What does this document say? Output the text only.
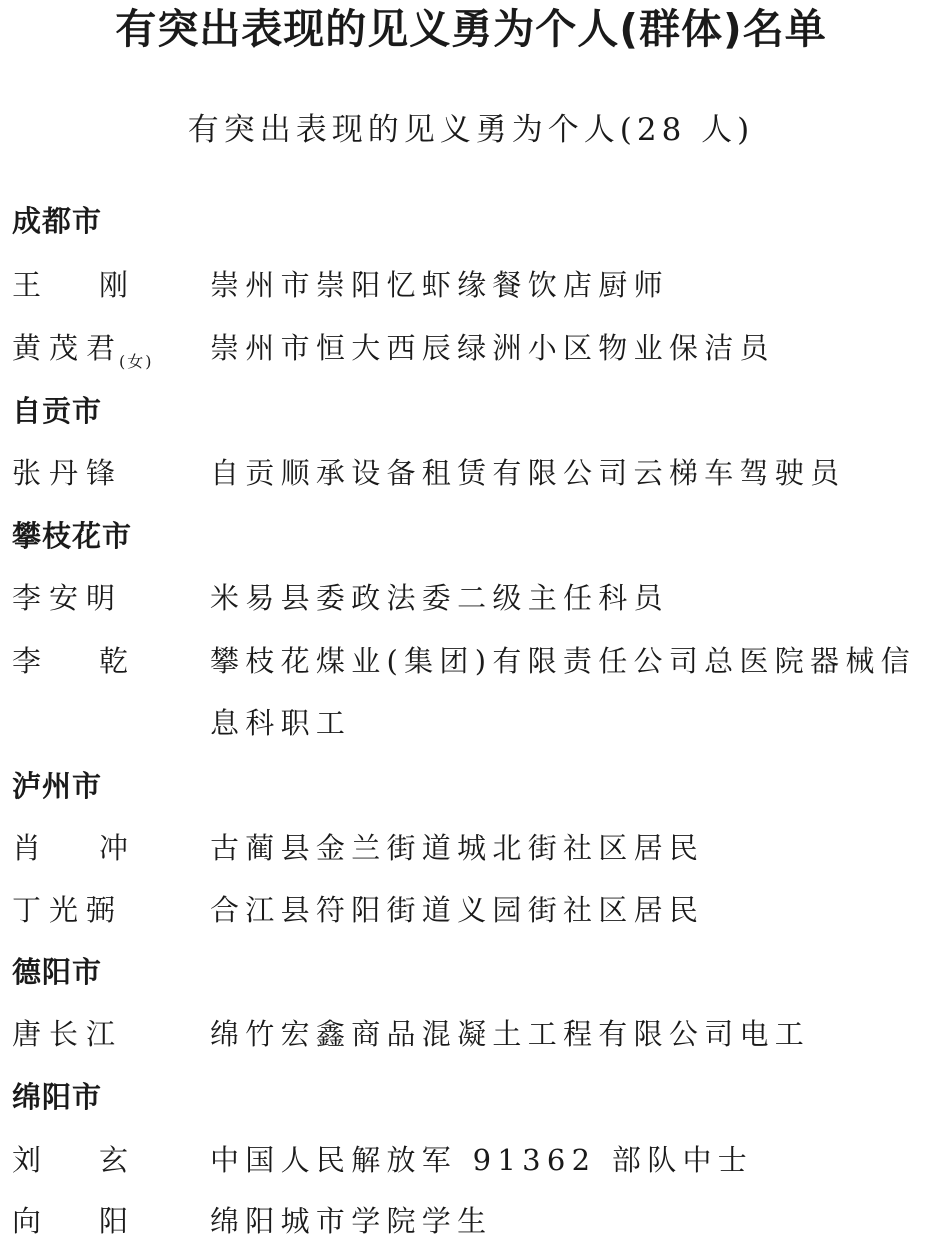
有突出表现的见义勇为个人(群体)名单
有突出表现的见义勇为个人(28 人)
成都市
王 刚	崇州市崇阳忆虾缘餐饮店厨师
黄茂君$_{(女)}$	崇州市恒大西辰绿洲小区物业保洁员
自贡市
张丹锋	自贡顺承设备租赁有限公司云梯车驾驶员
攀枝花市
李安明	米易县委政法委二级主任科员
李 乾	攀枝花煤业(集团)有限责任公司总医院器械信息科职工
泸州市
肖 冲	古蔺县金兰街道城北街社区居民
丁光弼	合江县符阳街道义园街社区居民
德阳市
唐长江	绵竹宏鑫商品混凝土工程有限公司电工
绵阳市
刘 玄	中国人民解放军 91362 部队中士
向 阳	绵阳城市学院学生
